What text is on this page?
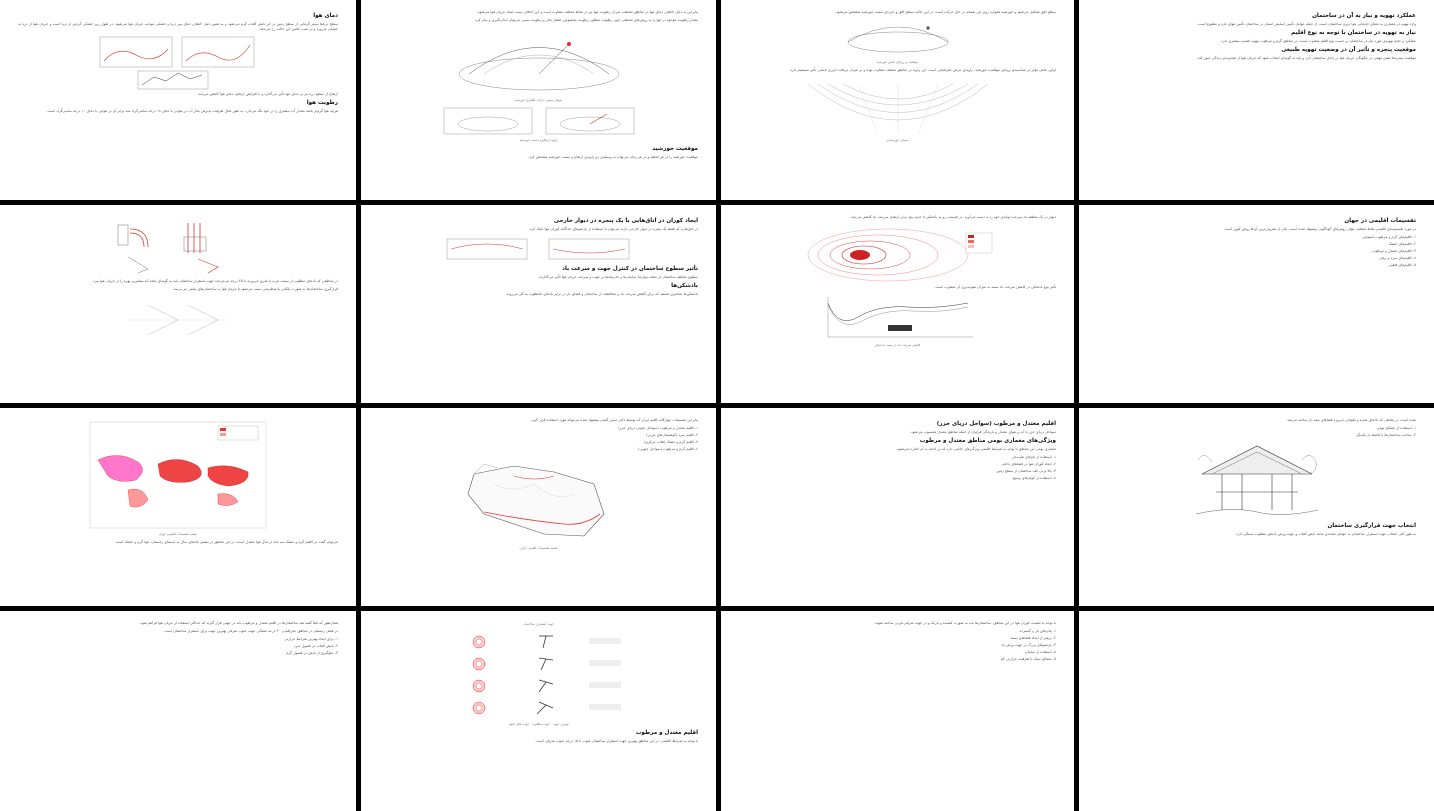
دمای هوا

سطح دریاها بستر گرمایی از سطح زمین در اثر تابش آفتاب گرم می‌شود و به همین دلیل اختلاف دمای بین دریا و خشکی موجب جریان هوا می‌شود. در طول روز خشکی گرم‌تر از دریا است و جریان هوا از دریا به خشکی می‌وزد و در شب عکس این حالت رخ می‌دهد.

ارتفاع از سطح دریا نیز بر دمای هوا تأثیر می‌گذارد و با افزایش ارتفاع، دمای هوا کاهش می‌یابد.

رطوبت هوا

هرچه هوا گرم‌تر باشد مقدار آب بیشتری را در خود نگه می‌دارد. به طور مثال ظرفیت پذیرش بخار آب در هوایی با دمای ۱۸ درجه سانتی‌گراد سه برابر آن در هوایی با دمای ۱۰ درجه سانتی‌گراد است.

بنابراین به دلیل اختلاف دمای هوا در مناطق مختلف، میزان رطوبت هوا نیز در نقاط مختلف متفاوت است و این اختلاف سبب ایجاد جریان هوا می‌شود.

مقدار رطوبت موجود در هوا را به روش‌های مختلفی چون رطوبت مطلق، رطوبت مخصوص، فشار بخار و رطوبت نسبی می‌توان اندازه‌گیری و بیان کرد.

نمودار مسیر حرکت ظاهری خورشید
زاویه ارتفاع و سمت خورشید
موقعیت خورشید

موقعیت خورشید را در هر لحظه و در هر زمان می‌توان به وسیله‌ی دو زاویه‌ی ارتفاع و سمت خورشید مشخص کرد.

سطح افق تشکیل می‌شود و خورشید همواره روی این صفحه در حال حرکت است. در این حالت سطح افق و دایره‌ی سمت خورشید مشخص می‌شود.

موقعیت و زوایای تابش خورشید

اولین عامل مؤثر در محاسبه‌ی زوایای موقعیت خورشید، زاویه‌ی عرض جغرافیایی است. این زاویه در مناطق مختلف متفاوت بوده و بر میزان دریافت انرژی تابشی تأثیر مستقیم دارد.

نمودار خورشیدی
عملکرد تهویه و نیاز به آن در ساختمان

واژه تهویه در معماری به معنای جابجایی هوا درون ساختمان است. از جمله عوامل تأمین آسایش انسان در ساختمان تأمین هوای تازه و مطبوع است.

نیاز به تهویه در ساختمان با توجه به نوع اقلیم

عملکرد و حجم تهویه‌ی مورد نیاز در ساختمان بر حسب نوع اقلیم متفاوت است. در مناطق گرم و مرطوب تهویه اهمیت بیشتری دارد.

موقعیت پنجره و تأثیر آن در وضعیت تهویه طبیعی

موقعیت پنجره‌ها نقش مهمی در چگونگی جریان هوا در داخل ساختمان دارد و باید به گونه‌ای انتخاب شود که جریان هوا از محدوده‌ی زندگی عبور کند.

در مناطقی که بادهای مطلوب از سمت غرب یا شرق می‌وزند یا ۴۵ درجه می‌چرخند جهت استقرار ساختمان باید به گونه‌ای باشد که بیشترین بهره را از جریان هوا ببرد.

قرارگیری ساختمان‌ها به صورت پلکانی یا شطرنجی سبب می‌شود تا جریان هوا به ساختمان‌های پشتی نیز برسد.

ایجاد کوران در اتاق‌هایی با یک پنجره در دیوار خارجی

در اتاق‌هایی که فقط یک پنجره در دیوار خارجی دارند می‌توان با استفاده از بازشوهای جداگانه کوران هوا ایجاد کرد.

تأثیر سطوح ساختمان در کنترل جهت و سرعت باد

سطوح مختلف ساختمان از جمله دیوارها، سایبان‌ها و جان‌پناه‌ها بر جهت و سرعت جریان هوا تأثیر می‌گذارند.

بادشکن‌ها

بادشکن‌ها عناصری هستند که برای کاهش سرعت باد و محافظت از ساختمان و فضای باز در برابر بادهای نامطلوب به کار می‌روند.

دیوار در یک منطقه باد سرعت اولیه‌ی خود را به دست می‌آورد. در قسمت رو به بادشکن تا حدود پنج برابر ارتفاع، سرعت باد کاهش می‌یابد.

تأثیر نوع بادشکن در کاهش سرعت باد بسته به میزان نفوذپذیری آن متفاوت است.

کاهش سرعت باد در پشت بادشکن
تقسیمات اقلیمی در جهان

در مورد تقسیم‌بندی اقلیمی نقاط مختلف جهان روش‌های گوناگونی پیشنهاد شده است. یکی از معروف‌ترین آن‌ها روش کوپن است.

١- اقلیم‌های گرم و مرطوب استوایی
٢- اقلیم‌های خشک
٣- اقلیم‌های معتدل و مرطوب
٤- اقلیم‌های سرد و برفی
٥- اقلیم‌های قطبی
نقشه تقسیمات اقلیمی جهان

می‌توان گفت در اقلیم گرم و خشک سه ماه از سال هوا معتدل است. در این مناطق در بیشتر ماه‌های سال به استثنای زمستان، هوا گرم و خشک است.

بنابراین تقسیمات چهارگانه اقلیم ایران که توسط دکتر حسن گنجی پیشنهاد شده می‌تواند مورد استفاده قرار گیرد.

١- اقلیم معتدل و مرطوب (سواحل جنوبی دریای خزر)
٢- اقلیم سرد (کوهستان‌های غربی)
٣- اقلیم گرم و خشک (فلات مرکزی)
٤- اقلیم گرم و مرطوب (سواحل جنوبی)
نقشه تقسیمات اقلیمی ایران
اقلیم معتدل و مرطوب (سواحل دریای خزر)

سواحل دریای خزر با آب و هوای معتدل و بارندگی فراوان از جمله مناطق معتدل محسوب می‌شود.

ویژگی‌های معماری بومی مناطق معتدل و مرطوب

معماری بومی این مناطق با توجه به شرایط اقلیمی ویژگی‌های خاصی دارد که در ادامه به آن اشاره می‌شود.

١- استفاده از بام‌های شیب‌دار
٢- ایجاد کوران هوا در فضاهای داخلی
٣- بالا بردن کف ساختمان از سطح زمین
٤- استفاده از ایوان‌های وسیع

شده است. در نقاطی که بادهای شدید و طولانی می‌وزد فضاهای نیمه باز ساخته می‌شد.

١- استفاده از مصالح بومی
٢- ساخت ساختمان‌ها با فاصله از یکدیگر
انتخاب جهت قرارگیری ساختمان

به طور کلی انتخاب جهت استقرار ساختمان به عوامل متعددی مانند تابش آفتاب و جهت وزش بادهای مطلوب بستگی دارد.

همان‌طور که قبلاً گفته شد ساختمان‌ها در اقلیم معتدل و مرطوب باید در جهتی قرار گیرند که حداکثر استفاده از جریان هوا فراهم شود.

در فصل زمستان در مناطق جغرافیایی ۴۰ درجه شمالی جهت جنوب شرقی بهترین جهت برای استقرار ساختمان است.

١- برای ایجاد بهترین شرایط حرارتی
٢- تابش آفتاب در فصول سرد
٣- جلوگیری از تابش در فصول گرم
جهت استقرار ساختمان
بهترین جهت · جهت مطلوب · جهت قابل قبول
اقلیم معتدل و مرطوب

با توجه به شرایط اقلیمی، در این مناطق بهترین جهت استقرار ساختمان جنوب تا ۱۵ درجه جنوب شرقی است.

با توجه به اهمیت کوران هوا در این مناطق، ساختمان‌ها باید به صورت کشیده و باریک و در جهت شرقی-غربی ساخته شوند.

١- پلان‌های باز و گسترده
٢- پرهیز از ایجاد فضاهای بسته
٣- بازشوهای بزرگ در جهت وزش باد
٤- استفاده از سایبان
٥- مصالح سبک با ظرفیت حرارتی کم
